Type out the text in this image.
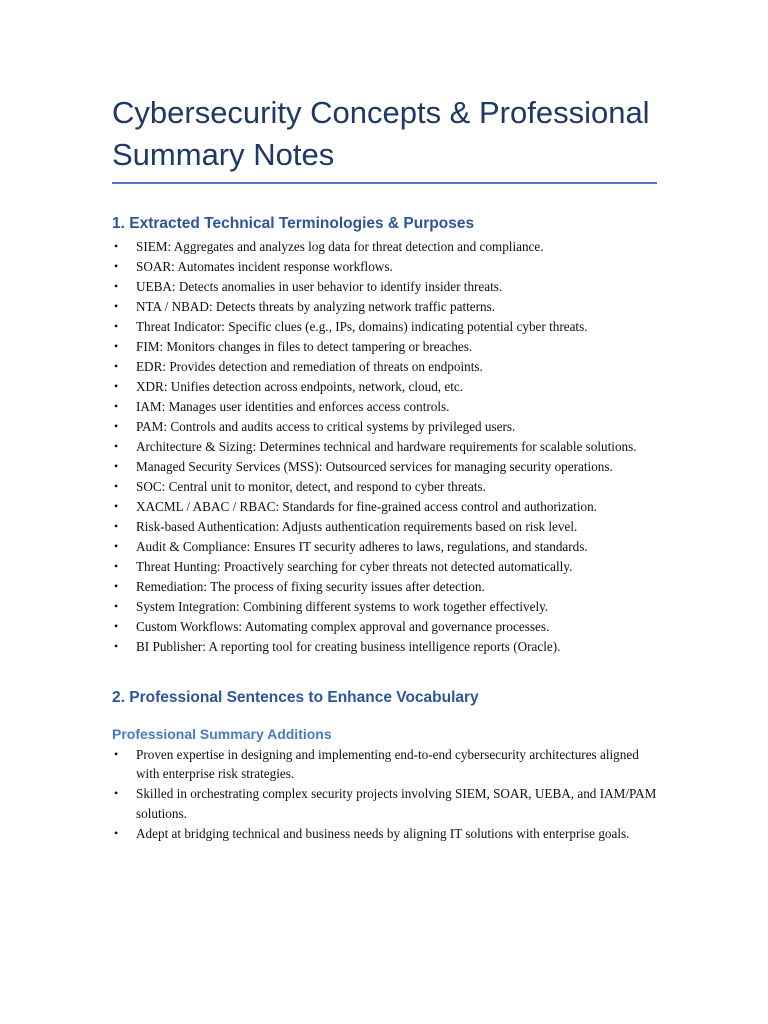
Cybersecurity Concepts & Professional Summary Notes
1. Extracted Technical Terminologies & Purposes
• SIEM: Aggregates and analyzes log data for threat detection and compliance.
• SOAR: Automates incident response workflows.
• UEBA: Detects anomalies in user behavior to identify insider threats.
• NTA / NBAD: Detects threats by analyzing network traffic patterns.
• Threat Indicator: Specific clues (e.g., IPs, domains) indicating potential cyber threats.
• FIM: Monitors changes in files to detect tampering or breaches.
• EDR: Provides detection and remediation of threats on endpoints.
• XDR: Unifies detection across endpoints, network, cloud, etc.
• IAM: Manages user identities and enforces access controls.
• PAM: Controls and audits access to critical systems by privileged users.
• Architecture & Sizing: Determines technical and hardware requirements for scalable solutions.
• Managed Security Services (MSS): Outsourced services for managing security operations.
• SOC: Central unit to monitor, detect, and respond to cyber threats.
• XACML / ABAC / RBAC: Standards for fine-grained access control and authorization.
• Risk-based Authentication: Adjusts authentication requirements based on risk level.
• Audit & Compliance: Ensures IT security adheres to laws, regulations, and standards.
• Threat Hunting: Proactively searching for cyber threats not detected automatically.
• Remediation: The process of fixing security issues after detection.
• System Integration: Combining different systems to work together effectively.
• Custom Workflows: Automating complex approval and governance processes.
• BI Publisher: A reporting tool for creating business intelligence reports (Oracle).
2. Professional Sentences to Enhance Vocabulary
Professional Summary Additions
• Proven expertise in designing and implementing end-to-end cybersecurity architectures aligned with enterprise risk strategies.
• Skilled in orchestrating complex security projects involving SIEM, SOAR, UEBA, and IAM/PAM solutions.
• Adept at bridging technical and business needs by aligning IT solutions with enterprise goals.
